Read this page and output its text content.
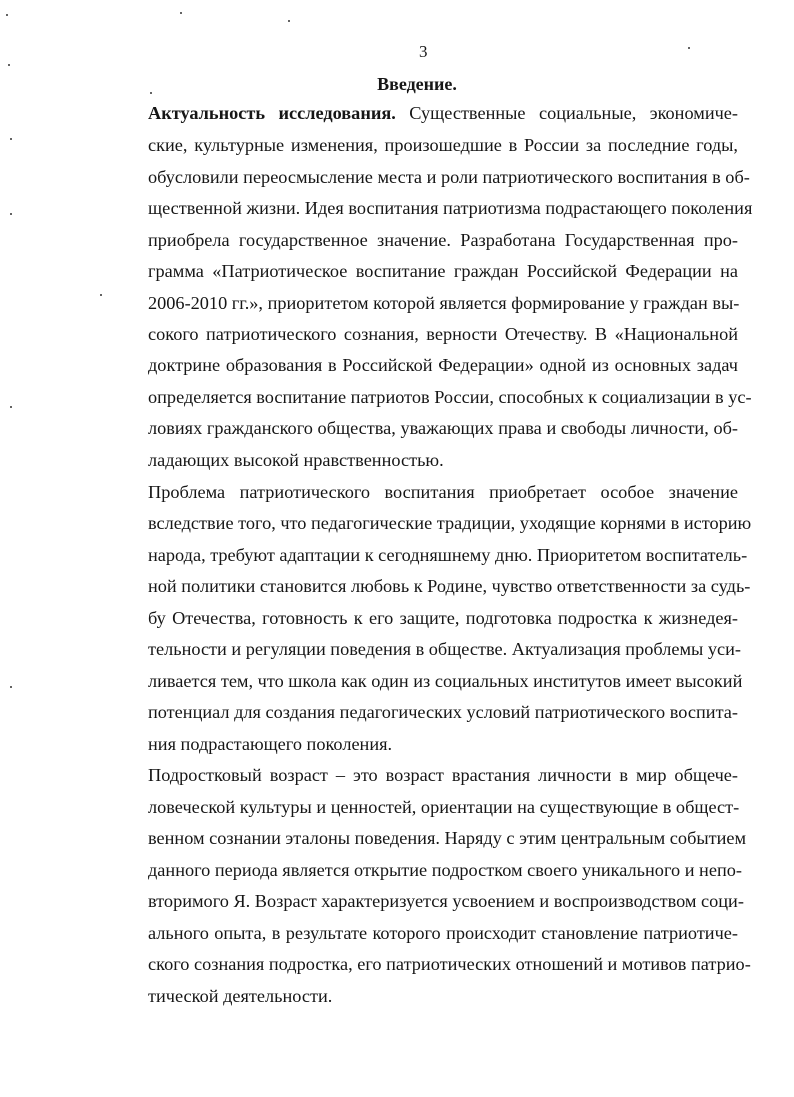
3
Введение.
Актуальность исследования. Существенные социальные, экономиче-
ские, культурные изменения, произошедшие в России за последние годы,
обусловили переосмысление места и роли патриотического воспитания в об-
щественной жизни. Идея воспитания патриотизма подрастающего поколения
приобрела государственное значение. Разработана Государственная про-
грамма «Патриотическое воспитание граждан Российской Федерации на
2006-2010 гг.», приоритетом которой является формирование у граждан вы-
сокого патриотического сознания, верности Отечеству. В «Национальной
доктрине образования в Российской Федерации» одной из основных задач
определяется воспитание патриотов России, способных к социализации в ус-
ловиях гражданского общества, уважающих права и свободы личности, об-
ладающих высокой нравственностью.
Проблема патриотического воспитания приобретает особое значение
вследствие того, что педагогические традиции, уходящие корнями в историю
народа, требуют адаптации к сегодняшнему дню. Приоритетом воспитатель-
ной политики становится любовь к Родине, чувство ответственности за судь-
бу Отечества, готовность к его защите, подготовка подростка к жизнедея-
тельности и регуляции поведения в обществе. Актуализация проблемы уси-
ливается тем, что школа как один из социальных институтов имеет высокий
потенциал для создания педагогических условий патриотического воспита-
ния подрастающего поколения.
Подростковый возраст – это возраст врастания личности в мир общече-
ловеческой культуры и ценностей, ориентации на существующие в общест-
венном сознании эталоны поведения. Наряду с этим центральным событием
данного периода является открытие подростком своего уникального и непо-
вторимого Я. Возраст характеризуется усвоением и воспроизводством соци-
ального опыта, в результате которого происходит становление патриотиче-
ского сознания подростка, его патриотических отношений и мотивов патрио-
тической деятельности.
